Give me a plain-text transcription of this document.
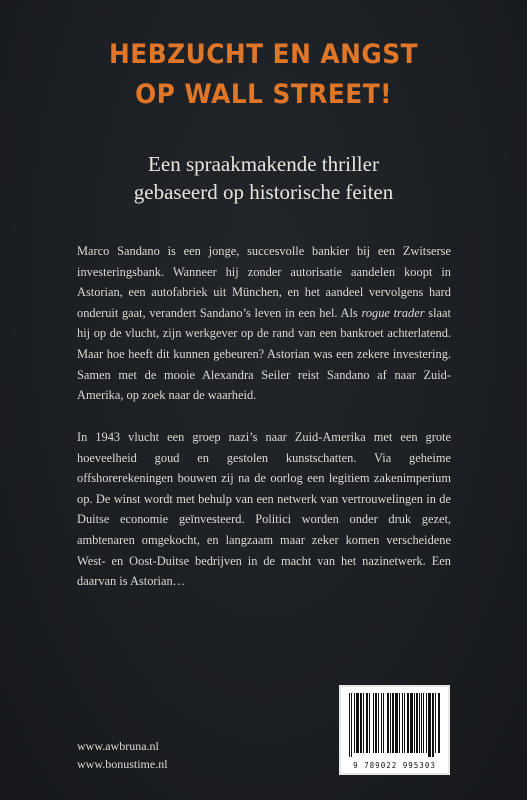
HEBZUCHT EN ANGST
OP WALL STREET!
Een spraakmakende thriller
gebaseerd op historische feiten

Marco Sandano is een jonge, succesvolle bankier bij een Zwitserse investeringsbank. Wanneer hij zonder autorisatie aandelen koopt in Astorian, een autofabriek uit München, en het aandeel vervolgens hard onderuit gaat, verandert Sandano’s leven in een hel. Als rogue trader slaat hij op de vlucht, zijn werkgever op de rand van een bankroet achterlatend. Maar hoe heeft dit kunnen gebeuren? Astorian was een zekere investering. Samen met de mooie Alexandra Seiler reist Sandano af naar Zuid-Amerika, op zoek naar de waarheid.

In 1943 vlucht een groep nazi’s naar Zuid-Amerika met een grote hoeveelheid goud en gestolen kunstschatten. Via geheime offshorerekeningen bouwen zij na de oorlog een legitiem zakenimperium op. De winst wordt met behulp van een netwerk van vertrouwelingen in de Duitse economie geïnvesteerd. Politici worden onder druk gezet, ambtenaren omgekocht, en langzaam maar zeker komen verscheidene West- en Oost-Duitse bedrijven in de macht van het nazinetwerk. Een daarvan is Astorian…

www.awbruna.nl
www.bonustime.nl	9 789022 995303
